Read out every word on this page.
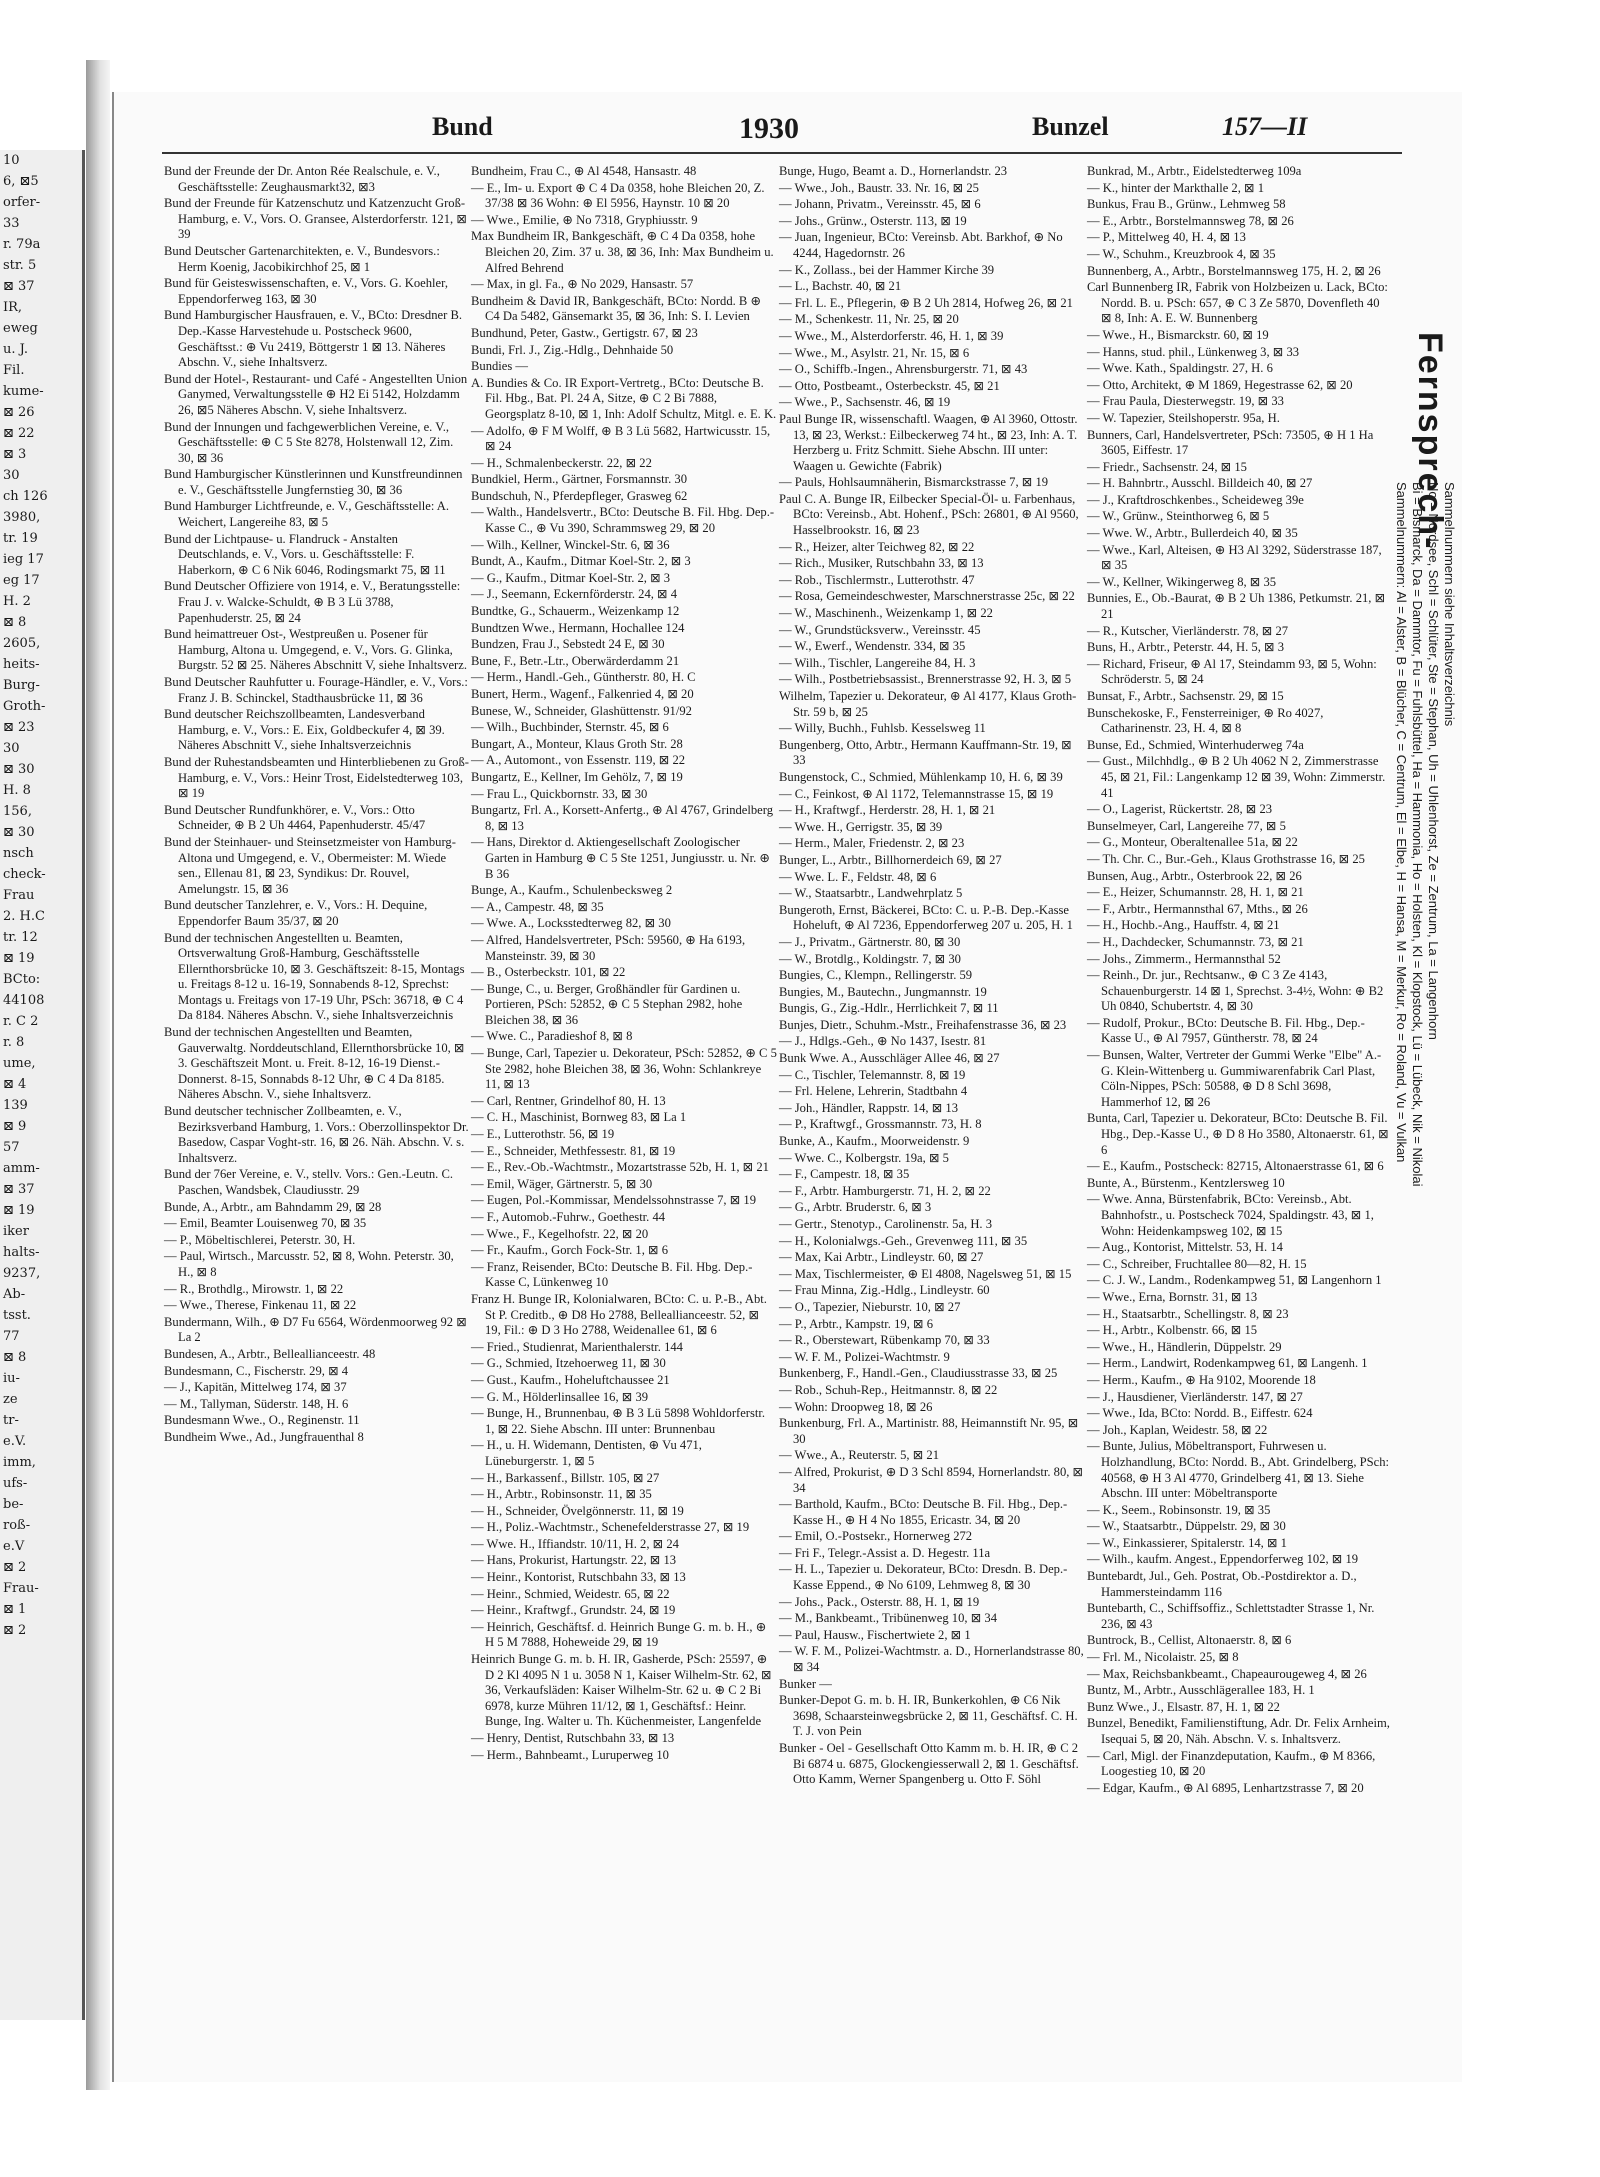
10
6, ⊠5
orfer-
33
r. 79a
str. 5
⊠ 37
IR,
eweg
u. J.
Fil.
kume-
⊠ 26
⊠ 22
⊠ 3
30
ch 126
3980,
tr. 19
ieg 17
eg 17
H. 2
⊠ 8
2605,
heits-
Burg-
Groth-
⊠ 23
30
⊠ 30
H. 8
156,
⊠ 30
nsch
check-
Frau
2. H.C
tr. 12
⊠ 19
BCto:
44108
r. C 2
r. 8
ume,
⊠ 4
139
⊠ 9
57
amm-
⊠ 37
⊠ 19
iker
halts-
9237,
Ab-
tsst.
77
⊠ 8
iu-
ze
tr-
e.V.
imm,
ufs-
be-
roß-
e.V
⊠ 2
Frau-
⊠ 1
⊠ 2
Bund	1930	Bunzel	157—II
Bund der Freunde der Dr. Anton Rée Realschule, e. V., Geschäftsstelle: Zeughausmarkt32, ⊠3
Bund der Freunde für Katzenschutz und Katzenzucht Groß-Hamburg, e. V., Vors. O. Gransee, Alsterdorferstr. 121, ⊠ 39
Bund Deutscher Gartenarchitekten, e. V., Bundesvors.: Herm Koenig, Jacobikirchhof 25, ⊠ 1
Bund für Geisteswissenschaften, e. V., Vors. G. Koehler, Eppendorferweg 163, ⊠ 30
Bund Hamburgischer Hausfrauen, e. V., BCto: Dresdner B. Dep.-Kasse Harvestehude u. Postscheck 9600, Geschäftsst.: ⊕ Vu 2419, Böttgerstr 1 ⊠ 13. Näheres Abschn. V., siehe Inhaltsverz.
Bund der Hotel-, Restaurant- und Café - Angestellten Union Ganymed, Verwaltungsstelle ⊕ H2 Ei 5142, Holzdamm 26, ⊠5 Näheres Abschn. V, siehe Inhaltsverz.
Bund der Innungen und fachgewerblichen Vereine, e. V., Geschäftsstelle: ⊕ C 5 Ste 8278, Holstenwall 12, Zim. 30, ⊠ 36
Bund Hamburgischer Künstlerinnen und Kunstfreundinnen e. V., Geschäftsstelle Jungfernstieg 30, ⊠ 36
Bund Hamburger Lichtfreunde, e. V., Geschäftsstelle: A. Weichert, Langereihe 83, ⊠ 5
Bund der Lichtpause- u. Flandruck - Anstalten Deutschlands, e. V., Vors. u. Geschäftsstelle: F. Haberkorn, ⊕ C 6 Nik 6046, Rodingsmarkt 75, ⊠ 11
Bund Deutscher Offiziere von 1914, e. V., Beratungsstelle: Frau J. v. Walcke-Schuldt, ⊕ B 3 Lü 3788, Papenhuderstr. 25, ⊠ 24
Bund heimattreuer Ost-, Westpreußen u. Posener für Hamburg, Altona u. Umgegend, e. V., Vors. G. Glinka, Burgstr. 52 ⊠ 25. Näheres Abschnitt V, siehe Inhaltsverz.
Bund Deutscher Rauhfutter u. Fourage-Händler, e. V., Vors.: Franz J. B. Schinckel, Stadthausbrücke 11, ⊠ 36
Bund deutscher Reichszollbeamten, Landesverband Hamburg, e. V., Vors.: E. Eix, Goldbeckufer 4, ⊠ 39. Näheres Abschnitt V., siehe Inhaltsverzeichnis
Bund der Ruhestandsbeamten und Hinterbliebenen zu Groß-Hamburg, e. V., Vors.: Heinr Trost, Eidelstedterweg 103, ⊠ 19
Bund Deutscher Rundfunkhörer, e. V., Vors.: Otto Schneider, ⊕ B 2 Uh 4464, Papenhuderstr. 45/47
Bund der Steinhauer- und Steinsetzmeister von Hamburg-Altona und Umgegend, e. V., Obermeister: M. Wiede sen., Ellenau 81, ⊠ 23, Syndikus: Dr. Rouvel, Amelungstr. 15, ⊠ 36
Bund deutscher Tanzlehrer, e. V., Vors.: H. Dequine, Eppendorfer Baum 35/37, ⊠ 20
Bund der technischen Angestellten u. Beamten, Ortsverwaltung Groß-Hamburg, Geschäftsstelle Ellernthorsbrücke 10, ⊠ 3. Geschäftszeit: 8-15, Montags u. Freitags 8-12 u. 16-19, Sonnabends 8-12, Sprechst: Montags u. Freitags von 17-19 Uhr, PSch: 36718, ⊕ C 4 Da 8184. Näheres Abschn. V., siehe Inhaltsverzeichnis
Bund der technischen Angestellten und Beamten, Gauverwaltg. Norddeutschland, Ellernthorsbrücke 10, ⊠ 3. Geschäftszeit Mont. u. Freit. 8-12, 16-19 Dienst.-Donnerst. 8-15, Sonnabds 8-12 Uhr, ⊕ C 4 Da 8185. Näheres Abschn. V., siehe Inhaltsverz.
Bund deutscher technischer Zollbeamten, e. V., Bezirksverband Hamburg, 1. Vors.: Oberzollinspektor Dr. Basedow, Caspar Voght-str. 16, ⊠ 26. Näh. Abschn. V. s. Inhaltsverz.
Bund der 76er Vereine, e. V., stellv. Vors.: Gen.-Leutn. C. Paschen, Wandsbek, Claudiusstr. 29
Bunde, A., Arbtr., am Bahndamm 29, ⊠ 28
— Emil, Beamter Louisenweg 70, ⊠ 35
— P., Möbeltischlerei, Peterstr. 30, H.
— Paul, Wirtsch., Marcusstr. 52, ⊠ 8, Wohn. Peterstr. 30, H., ⊠ 8
— R., Brothdlg., Mirowstr. 1, ⊠ 22
— Wwe., Therese, Finkenau 11, ⊠ 22
Bundermann, Wilh., ⊕ D7 Fu 6564, Wördenmoorweg 92 ⊠ La 2
Bundesen, A., Arbtr., Belleallianceestr. 48
Bundesmann, C., Fischerstr. 29, ⊠ 4
— J., Kapitän, Mittelweg 174, ⊠ 37
— M., Tallyman, Süderstr. 148, H. 6
Bundesmann Wwe., O., Reginenstr. 11
Bundheim Wwe., Ad., Jungfrauenthal 8
Bundheim, Frau C., ⊕ Al 4548, Hansastr. 48
— E., Im- u. Export ⊕ C 4 Da 0358, hohe Bleichen 20, Z. 37/38 ⊠ 36 Wohn: ⊕ El 5956, Haynstr. 10 ⊠ 20
— Wwe., Emilie, ⊕ No 7318, Gryphiusstr. 9
Max Bundheim IR, Bankgeschäft, ⊕ C 4 Da 0358, hohe Bleichen 20, Zim. 37 u. 38, ⊠ 36, Inh: Max Bundheim u. Alfred Behrend
— Max, in gl. Fa., ⊕ No 2029, Hansastr. 57
Bundheim & David IR, Bankgeschäft, BCto: Nordd. B ⊕ C4 Da 5482, Gänsemarkt 35, ⊠ 36, Inh: S. I. Levien
Bundhund, Peter, Gastw., Gertigstr. 67, ⊠ 23
Bundi, Frl. J., Zig.-Hdlg., Dehnhaide 50
Bundies —
A. Bundies & Co. IR Export-Vertretg., BCto: Deutsche B. Fil. Hbg., Bat. Pl. 24 A, Sitze, ⊕ C 2 Bi 7888, Georgsplatz 8-10, ⊠ 1, Inh: Adolf Schultz, Mitgl. e. E. K.
— Adolfo, ⊕ F M Wolff, ⊕ B 3 Lü 5682, Hartwicusstr. 15, ⊠ 24
— H., Schmalenbeckerstr. 22, ⊠ 22
Bundkiel, Herm., Gärtner, Forsmannstr. 30
Bundschuh, N., Pferdepfleger, Grasweg 62
— Walth., Handelsvertr., BCto: Deutsche B. Fil. Hbg. Dep.-Kasse C., ⊕ Vu 390, Schrammsweg 29, ⊠ 20
— Wilh., Kellner, Winckel-Str. 6, ⊠ 36
Bundt, A., Kaufm., Ditmar Koel-Str. 2, ⊠ 3
— G., Kaufm., Ditmar Koel-Str. 2, ⊠ 3
— J., Seemann, Eckernförderstr. 24, ⊠ 4
Bundtke, G., Schauerm., Weizenkamp 12
Bundtzen Wwe., Hermann, Hochallee 124
Bundzen, Frau J., Sebstedt 24 E, ⊠ 30
Bune, F., Betr.-Ltr., Oberwärderdamm 21
— Herm., Handl.-Geh., Güntherstr. 80, H. C
Bunert, Herm., Wagenf., Falkenried 4, ⊠ 20
Bunese, W., Schneider, Glashüttenstr. 91/92
— Wilh., Buchbinder, Sternstr. 45, ⊠ 6
Bungart, A., Monteur, Klaus Groth Str. 28
— A., Automont., von Essenstr. 119, ⊠ 22
Bungartz, E., Kellner, Im Gehölz, 7, ⊠ 19
— Frau L., Quickbornstr. 33, ⊠ 30
Bungartz, Frl. A., Korsett-Anfertg., ⊕ Al 4767, Grindelberg 8, ⊠ 13
— Hans, Direktor d. Aktiengesellschaft Zoologischer Garten in Hamburg ⊕ C 5 Ste 1251, Jungiusstr. u. Nr. ⊕ B 36
Bunge, A., Kaufm., Schulenbecksweg 2
— A., Campestr. 48, ⊠ 35
— Wwe. A., Locksstedterweg 82, ⊠ 30
— Alfred, Handelsvertreter, PSch: 59560, ⊕ Ha 6193, Mansteinstr. 39, ⊠ 30
— B., Osterbeckstr. 101, ⊠ 22
— Bunge, C., u. Berger, Großhändler für Gardinen u. Portieren, PSch: 52852, ⊕ C 5 Stephan 2982, hohe Bleichen 38, ⊠ 36
— Wwe. C., Paradieshof 8, ⊠ 8
— Bunge, Carl, Tapezier u. Dekorateur, PSch: 52852, ⊕ C 5 Ste 2982, hohe Bleichen 38, ⊠ 36, Wohn: Schlankreye 11, ⊠ 13
— Carl, Rentner, Grindelhof 80, H. 13
— C. H., Maschinist, Bornweg 83, ⊠ La 1
— E., Lutterothstr. 56, ⊠ 19
— E., Schneider, Methfessestr. 81, ⊠ 19
— E., Rev.-Ob.-Wachtmstr., Mozartstrasse 52b, H. 1, ⊠ 21
— Emil, Wäger, Gärtnerstr. 5, ⊠ 30
— Eugen, Pol.-Kommissar, Mendelssohnstrasse 7, ⊠ 19
— F., Automob.-Fuhrw., Goethestr. 44
— Wwe., F., Kegelhofstr. 22, ⊠ 20
— Fr., Kaufm., Gorch Fock-Str. 1, ⊠ 6
— Franz, Reisender, BCto: Deutsche B. Fil. Hbg. Dep.-Kasse C, Lünkenweg 10
Franz H. Bunge IR, Kolonialwaren, BCto: C. u. P.-B., Abt. St P. Creditb., ⊕ D8 Ho 2788, Belleallianceestr. 52, ⊠ 19, Fil.: ⊕ D 3 Ho 2788, Weidenallee 61, ⊠ 6
— Fried., Studienrat, Marienthalerstr. 144
— G., Schmied, Itzehoerweg 11, ⊠ 30
— Gust., Kaufm., Hoheluftchaussee 21
— G. M., Hölderlinsallee 16, ⊠ 39
— Bunge, H., Brunnenbau, ⊕ B 3 Lü 5898 Wohldorferstr. 1, ⊠ 22. Siehe Abschn. III unter: Brunnenbau
— H., u. H. Widemann, Dentisten, ⊕ Vu 471, Lüneburgerstr. 1, ⊠ 5
— H., Barkassenf., Billstr. 105, ⊠ 27
— H., Arbtr., Robinsonstr. 11, ⊠ 35
— H., Schneider, Övelgönnerstr. 11, ⊠ 19
— H., Poliz.-Wachtmstr., Schenefelderstrasse 27, ⊠ 19
— Wwe. H., Iffiandstr. 10/11, H. 2, ⊠ 24
— Hans, Prokurist, Hartungstr. 22, ⊠ 13
— Heinr., Kontorist, Rutschbahn 33, ⊠ 13
— Heinr., Schmied, Weidestr. 65, ⊠ 22
— Heinr., Kraftwgf., Grundstr. 24, ⊠ 19
— Heinrich, Geschäftsf. d. Heinrich Bunge G. m. b. H., ⊕ H 5 M 7888, Hoheweide 29, ⊠ 19
Heinrich Bunge G. m. b. H. IR, Gasherde, PSch: 25597, ⊕ D 2 Kl 4095 N 1 u. 3058 N 1, Kaiser Wilhelm-Str. 62, ⊠ 36, Verkaufsläden: Kaiser Wilhelm-Str. 62 u. ⊕ C 2 Bi 6978, kurze Mühren 11/12, ⊠ 1, Geschäftsf.: Heinr. Bunge, Ing. Walter u. Th. Küchenmeister, Langenfelde
— Henry, Dentist, Rutschbahn 33, ⊠ 13
— Herm., Bahnbeamt., Luruperweg 10
Bunge, Hugo, Beamt a. D., Hornerlandstr. 23
— Wwe., Joh., Baustr. 33. Nr. 16, ⊠ 25
— Johann, Privatm., Vereinsstr. 45, ⊠ 6
— Johs., Grünw., Osterstr. 113, ⊠ 19
— Juan, Ingenieur, BCto: Vereinsb. Abt. Barkhof, ⊕ No 4244, Hagedornstr. 26
— K., Zollass., bei der Hammer Kirche 39
— L., Bachstr. 40, ⊠ 21
— Frl. L. E., Pflegerin, ⊕ B 2 Uh 2814, Hofweg 26, ⊠ 21
— M., Schenkestr. 11, Nr. 25, ⊠ 20
— Wwe., M., Alsterdorferstr. 46, H. 1, ⊠ 39
— Wwe., M., Asylstr. 21, Nr. 15, ⊠ 6
— O., Schiffb.-Ingen., Ahrensburgerstr. 71, ⊠ 43
— Otto, Postbeamt., Osterbeckstr. 45, ⊠ 21
— Wwe., P., Sachsenstr. 46, ⊠ 19
Paul Bunge IR, wissenschaftl. Waagen, ⊕ Al 3960, Ottostr. 13, ⊠ 23, Werkst.: Eilbeckerweg 74 ht., ⊠ 23, Inh: A. T. Herzberg u. Fritz Schmitt. Siehe Abschn. III unter: Waagen u. Gewichte (Fabrik)
— Pauls, Hohlsaumnäherin, Bismarckstrasse 7, ⊠ 19
Paul C. A. Bunge IR, Eilbecker Special-Öl- u. Farbenhaus, BCto: Vereinsb., Abt. Hohenf., PSch: 26801, ⊕ Al 9560, Hasselbrookstr. 16, ⊠ 23
— R., Heizer, alter Teichweg 82, ⊠ 22
— Rich., Musiker, Rutschbahn 33, ⊠ 13
— Rob., Tischlermstr., Lutterothstr. 47
— Rosa, Gemeindeschwester, Marschnerstrasse 25c, ⊠ 22
— W., Maschinenh., Weizenkamp 1, ⊠ 22
— W., Grundstücksverw., Vereinsstr. 45
— W., Ewerf., Wendenstr. 334, ⊠ 35
— Wilh., Tischler, Langereihe 84, H. 3
— Wilh., Postbetriebsassist., Brennerstrasse 92, H. 3, ⊠ 5
Wilhelm, Tapezier u. Dekorateur, ⊕ Al 4177, Klaus Groth-Str. 59 b, ⊠ 25
— Willy, Buchh., Fuhlsb. Kesselsweg 11
Bungenberg, Otto, Arbtr., Hermann Kauffmann-Str. 19, ⊠ 33
Bungenstock, C., Schmied, Mühlenkamp 10, H. 6, ⊠ 39
— C., Feinkost, ⊕ Al 1172, Telemannstrasse 15, ⊠ 19
— H., Kraftwgf., Herderstr. 28, H. 1, ⊠ 21
— Wwe. H., Gerrigstr. 35, ⊠ 39
— Herm., Maler, Friedenstr. 2, ⊠ 23
Bunger, L., Arbtr., Billhornerdeich 69, ⊠ 27
— Wwe. L. F., Feldstr. 48, ⊠ 6
— W., Staatsarbtr., Landwehrplatz 5
Bungeroth, Ernst, Bäckerei, BCto: C. u. P.-B. Dep.-Kasse Hoheluft, ⊕ Al 7236, Eppendorferweg 207 u. 205, H. 1
— J., Privatm., Gärtnerstr. 80, ⊠ 30
— W., Brotdlg., Koldingstr. 7, ⊠ 30
Bungies, C., Klempn., Rellingerstr. 59
Bungies, M., Bautechn., Jungmannstr. 19
Bungis, G., Zig.-Hdlr., Herrlichkeit 7, ⊠ 11
Bunjes, Dietr., Schuhm.-Mstr., Freihafenstrasse 36, ⊠ 23
— J., Hdlgs.-Geh., ⊕ No 1437, Isestr. 81
Bunk Wwe. A., Ausschläger Allee 46, ⊠ 27
— C., Tischler, Telemannstr. 8, ⊠ 19
— Frl. Helene, Lehrerin, Stadtbahn 4
— Joh., Händler, Rappstr. 14, ⊠ 13
— P., Kraftwgf., Grossmannstr. 73, H. 8
Bunke, A., Kaufm., Moorweidenstr. 9
— Wwe. C., Kolbergstr. 19a, ⊠ 5
— F., Campestr. 18, ⊠ 35
— F., Arbtr. Hamburgerstr. 71, H. 2, ⊠ 22
— G., Arbtr. Bruderstr. 6, ⊠ 3
— Gertr., Stenotyp., Carolinenstr. 5a, H. 3
— H., Kolonialwgs.-Geh., Grevenweg 111, ⊠ 35
— Max, Kai Arbtr., Lindleystr. 60, ⊠ 27
— Max, Tischlermeister, ⊕ El 4808, Nagelsweg 51, ⊠ 15
— Frau Minna, Zig.-Hdlg., Lindleystr. 60
— O., Tapezier, Nieburstr. 10, ⊠ 27
— P., Arbtr., Kampstr. 19, ⊠ 6
— R., Oberstewart, Rübenkamp 70, ⊠ 33
— W. F. M., Polizei-Wachtmstr. 9
Bunkenberg, F., Handl.-Gen., Claudiusstrasse 33, ⊠ 25
— Rob., Schuh-Rep., Heitmannstr. 8, ⊠ 22
— Wohn: Droopweg 18, ⊠ 26
Bunkenburg, Frl. A., Martinistr. 88, Heimannstift Nr. 95, ⊠ 30
— Wwe., A., Reuterstr. 5, ⊠ 21
— Alfred, Prokurist, ⊕ D 3 Schl 8594, Hornerlandstr. 80, ⊠ 34
— Barthold, Kaufm., BCto: Deutsche B. Fil. Hbg., Dep.-Kasse H., ⊕ H 4 No 1855, Ericastr. 34, ⊠ 20
— Emil, O.-Postsekr., Hornerweg 272
— Fri F., Telegr.-Assist a. D. Hegestr. 11a
— H. L., Tapezier u. Dekorateur, BCto: Dresdn. B. Dep.-Kasse Eppend., ⊕ No 6109, Lehmweg 8, ⊠ 30
— Johs., Pack., Osterstr. 88, H. 1, ⊠ 19
— M., Bankbeamt., Tribünenweg 10, ⊠ 34
— Paul, Hausw., Fischertwiete 2, ⊠ 1
— W. F. M., Polizei-Wachtmstr. a. D., Hornerlandstrasse 80, ⊠ 34
Bunker —
Bunker-Depot G. m. b. H. IR, Bunkerkohlen, ⊕ C6 Nik 3698, Schaarsteinwegsbrücke 2, ⊠ 11, Geschäftsf. C. H. T. J. von Pein
Bunker - Oel - Gesellschaft Otto Kamm m. b. H. IR, ⊕ C 2 Bi 6874 u. 6875, Glockengiesserwall 2, ⊠ 1. Geschäftsf. Otto Kamm, Werner Spangenberg u. Otto F. Söhl
Bunkrad, M., Arbtr., Eidelstedterweg 109a
— K., hinter der Markthalle 2, ⊠ 1
Bunkus, Frau B., Grünw., Lehmweg 58
— E., Arbtr., Borstelmannsweg 78, ⊠ 26
— P., Mittelweg 40, H. 4, ⊠ 13
— W., Schuhm., Kreuzbrook 4, ⊠ 35
Bunnenberg, A., Arbtr., Borstelmannsweg 175, H. 2, ⊠ 26
Carl Bunnenberg IR, Fabrik von Holzbeizen u. Lack, BCto: Nordd. B. u. PSch: 657, ⊕ C 3 Ze 5870, Dovenfleth 40 ⊠ 8, Inh: A. E. W. Bunnenberg
— Wwe., H., Bismarckstr. 60, ⊠ 19
— Hanns, stud. phil., Lünkenweg 3, ⊠ 33
— Wwe. Kath., Spaldingstr. 27, H. 6
— Otto, Architekt, ⊕ M 1869, Hegestrasse 62, ⊠ 20
— Frau Paula, Diesterwegstr. 19, ⊠ 33
— W. Tapezier, Steilshoperstr. 95a, H.
Bunners, Carl, Handelsvertreter, PSch: 73505, ⊕ H 1 Ha 3605, Eiffestr. 17
— Friedr., Sachsenstr. 24, ⊠ 15
— H. Bahnbrtr., Ausschl. Billdeich 40, ⊠ 27
— J., Kraftdroschkenbes., Scheideweg 39e
— W., Grünw., Steinthorweg 6, ⊠ 5
— Wwe. W., Arbtr., Bullerdeich 40, ⊠ 35
— Wwe., Karl, Alteisen, ⊕ H3 Al 3292, Süderstrasse 187, ⊠ 35
— W., Kellner, Wikingerweg 8, ⊠ 35
Bunnies, E., Ob.-Baurat, ⊕ B 2 Uh 1386, Petkumstr. 21, ⊠ 21
— R., Kutscher, Vierländerstr. 78, ⊠ 27
Buns, H., Arbtr., Peterstr. 44, H. 5, ⊠ 3
— Richard, Friseur, ⊕ Al 17, Steindamm 93, ⊠ 5, Wohn: Schröderstr. 5, ⊠ 24
Bunsat, F., Arbtr., Sachsenstr. 29, ⊠ 15
Bunschekoske, F., Fensterreiniger, ⊕ Ro 4027, Catharinenstr. 23, H. 4, ⊠ 8
Bunse, Ed., Schmied, Winterhuderweg 74a
— Gust., Milchhdlg., ⊕ B 2 Uh 4062 N 2, Zimmerstrasse 45, ⊠ 21, Fil.: Langenkamp 12 ⊠ 39, Wohn: Zimmerstr. 41
— O., Lagerist, Rückertstr. 28, ⊠ 23
Bunselmeyer, Carl, Langereihe 77, ⊠ 5
— G., Monteur, Oberaltenallee 51a, ⊠ 22
— Th. Chr. C., Bur.-Geh., Klaus Grothstrasse 16, ⊠ 25
Bunsen, Aug., Arbtr., Osterbrook 22, ⊠ 26
— E., Heizer, Schumannstr. 28, H. 1, ⊠ 21
— F., Arbtr., Hermannsthal 67, Mths., ⊠ 26
— H., Hochb.-Ang., Hauffstr. 4, ⊠ 21
— H., Dachdecker, Schumannstr. 73, ⊠ 21
— Johs., Zimmerm., Hermannsthal 52
— Reinh., Dr. jur., Rechtsanw., ⊕ C 3 Ze 4143, Schauenburgerstr. 14 ⊠ 1, Sprechst. 3-4½, Wohn: ⊕ B2 Uh 0840, Schubertstr. 4, ⊠ 30
— Rudolf, Prokur., BCto: Deutsche B. Fil. Hbg., Dep.-Kasse U., ⊕ Al 7957, Güntherstr. 78, ⊠ 24
— Bunsen, Walter, Vertreter der Gummi Werke "Elbe" A.-G. Klein-Wittenberg u. Gummiwarenfabrik Carl Plast, Cöln-Nippes, PSch: 50588, ⊕ D 8 Schl 3698, Hammerhof 12, ⊠ 26
Bunta, Carl, Tapezier u. Dekorateur, BCto: Deutsche B. Fil. Hbg., Dep.-Kasse U., ⊕ D 8 Ho 3580, Altonaerstr. 61, ⊠ 6
— E., Kaufm., Postscheck: 82715, Altonaerstrasse 61, ⊠ 6
Bunte, A., Bürstenm., Kentzlersweg 10
— Wwe. Anna, Bürstenfabrik, BCto: Vereinsb., Abt. Bahnhofstr., u. Postscheck 7024, Spaldingstr. 43, ⊠ 1, Wohn: Heidenkampsweg 102, ⊠ 15
— Aug., Kontorist, Mittelstr. 53, H. 14
— C., Schreiber, Fruchtallee 80—82, H. 15
— C. J. W., Landm., Rodenkampweg 51, ⊠ Langenhorn 1
— Wwe., Erna, Bornstr. 31, ⊠ 13
— H., Staatsarbtr., Schellingstr. 8, ⊠ 23
— H., Arbtr., Kolbenstr. 66, ⊠ 15
— Wwe., H., Händlerin, Düppelstr. 29
— Herm., Landwirt, Rodenkampweg 61, ⊠ Langenh. 1
— Herm., Kaufm., ⊕ Ha 9102, Moorende 18
— J., Hausdiener, Vierländerstr. 147, ⊠ 27
— Wwe., Ida, BCto: Nordd. B., Eiffestr. 624
— Joh., Kaplan, Weidestr. 58, ⊠ 22
— Bunte, Julius, Möbeltransport, Fuhrwesen u. Holzhandlung, BCto: Nordd. B., Abt. Grindelberg, PSch: 40568, ⊕ H 3 Al 4770, Grindelberg 41, ⊠ 13. Siehe Abschn. III unter: Möbeltransporte
— K., Seem., Robinsonstr. 19, ⊠ 35
— W., Staatsarbtr., Düppelstr. 29, ⊠ 30
— W., Einkassierer, Spitalerstr. 14, ⊠ 1
— Wilh., kaufm. Angest., Eppendorferweg 102, ⊠ 19
Buntebardt, Jul., Geh. Postrat, Ob.-Postdirektor a. D., Hammersteindamm 116
Buntebarth, C., Schiffsoffiz., Schlettstadter Strasse 1, Nr. 236, ⊠ 43
Buntrock, B., Cellist, Altonaerstr. 8, ⊠ 6
— Frl. M., Nicolaistr. 25, ⊠ 8
— Max, Reichsbankbeamt., Chapeaurougeweg 4, ⊠ 26
Buntz, M., Arbtr., Ausschlägerallee 183, H. 1
Bunz Wwe., J., Elsastr. 87, H. 1, ⊠ 22
Bunzel, Benedikt, Familienstiftung, Adr. Dr. Felix Arnheim, Isequai 5, ⊠ 20, Näh. Abschn. V. s. Inhaltsverz.
— Carl, Migl. der Finanzdeputation, Kaufm., ⊕ M 8366, Loogestieg 10, ⊠ 20
— Edgar, Kaufm., ⊕ Al 6895, Lenhartzstrasse 7, ⊠ 20
Fernsprech-
Sammelnummern: Al = Alster, B = Blücher, C = Centrum, El = Elbe, H = Hansa, M = Merkur, Ro = Roland, Vu = Vulkan Bi = Bismarck, Da = Dammtor, Fu = Fuhlsbüttel, Ha = Hammonia, Ho = Holsten, Kl = Klopstock, Lü = Lübeck, Nik = Nikolai No = Nordsee, Schl = Schlüter, Ste = Stephan, Uh = Uhlenhorst, Ze = Zentrum, La = Langenhorn Sammelnummern siehe Inhaltsverzeichnis
